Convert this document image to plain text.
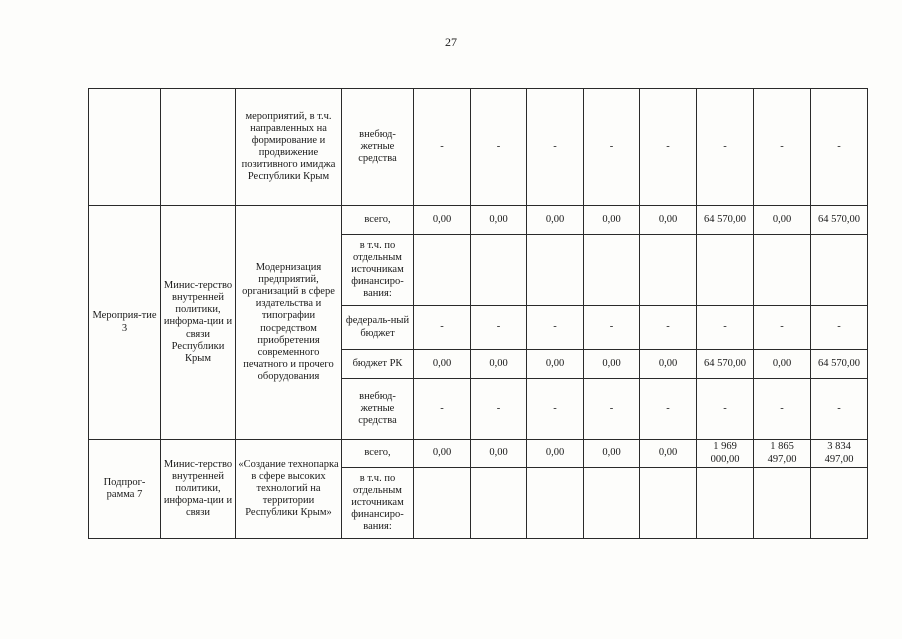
27
		мероприятий, в т.ч. направленных на формирование и продвижение позитивного имиджа Республики Крым	внебюд-жетные средства	-	-	-	-	-	-	-	-
Мероприя-тие 3	Минис-терство внутренней политики, информа-ции и связи Республики Крым	Модернизация предприятий, организаций в сфере издательства и типографии посредством приобретения современного печатного и прочего оборудования	всего,	0,00	0,00	0,00	0,00	0,00	64 570,00	0,00	64 570,00
			в т.ч. по отдельным источникам финансиро-вания:								
			федераль-ный бюджет	-	-	-	-	-	-	-	-
			бюджет РК	0,00	0,00	0,00	0,00	0,00	64 570,00	0,00	64 570,00
			внебюд-жетные средства	-	-	-	-	-	-	-	-
Подпрог-рамма 7	Минис-терство внутренней политики, информа-ции и связи	«Создание технопарка в сфере высоких технологий на территории Республики Крым»	всего,	0,00	0,00	0,00	0,00	0,00	1 969 000,00	1 865 497,00	3 834 497,00
			в т.ч. по отдельным источникам финансиро-вания:								
